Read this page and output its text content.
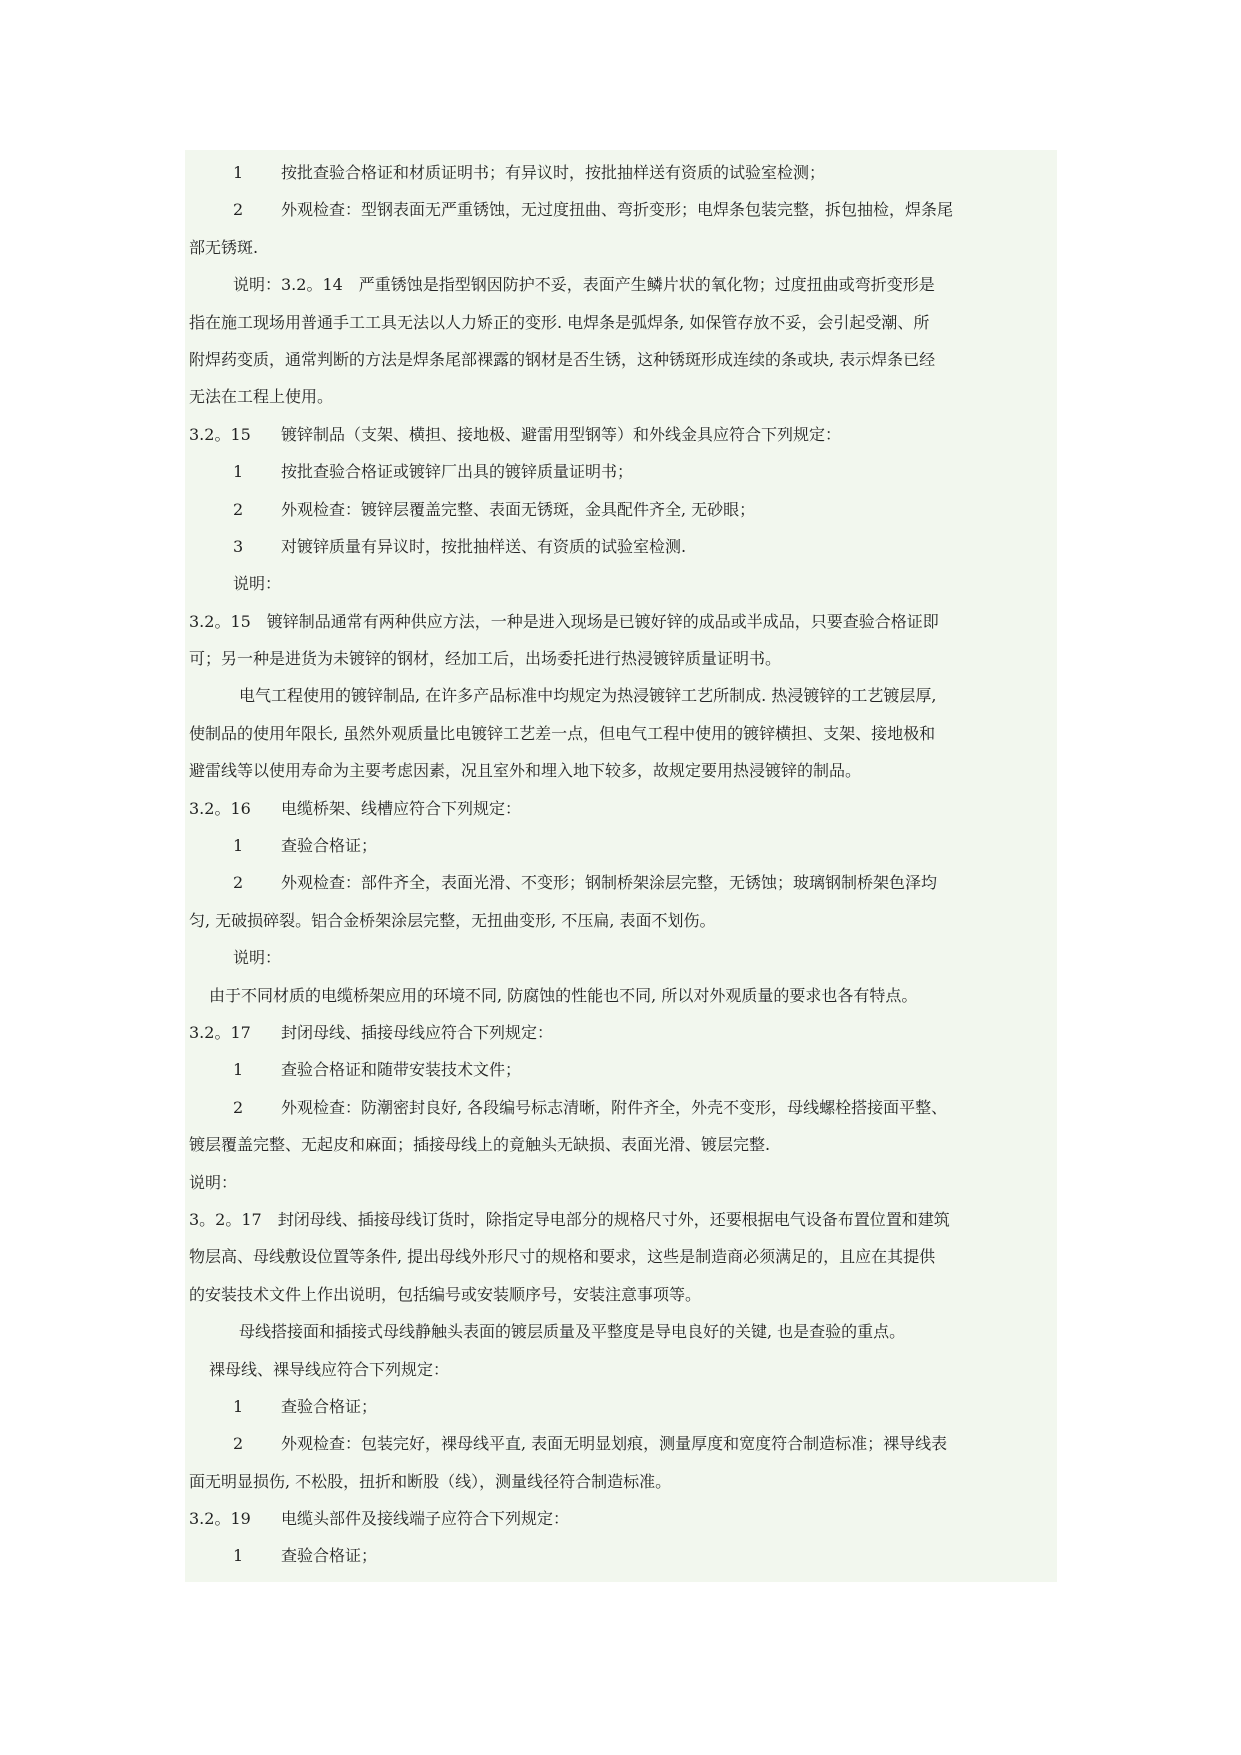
1 按批查验合格证和材质证明书；有异议时，按批抽样送有资质的试验室检测；
2 外观检查：型钢表面无严重锈蚀，无过度扭曲、弯折变形；电焊条包装完整，拆包抽检，焊条尾
部无锈斑.
说明：3.2。14　严重锈蚀是指型钢因防护不妥，表面产生鳞片状的氧化物；过度扭曲或弯折变形是
指在施工现场用普通手工工具无法以人力矫正的变形. 电焊条是弧焊条, 如保管存放不妥，会引起受潮、所
附焊药变质，通常判断的方法是焊条尾部裸露的钢材是否生锈，这种锈斑形成连续的条或块, 表示焊条已经
无法在工程上使用。
3.2。15 镀锌制品（支架、横担、接地极、避雷用型钢等）和外线金具应符合下列规定：
1 按批查验合格证或镀锌厂出具的镀锌质量证明书；
2 外观检查：镀锌层覆盖完整、表面无锈斑，金具配件齐全, 无砂眼；
3 对镀锌质量有异议时，按批抽样送、有资质的试验室检测.
说明：
3.2。15　镀锌制品通常有两种供应方法，一种是进入现场是已镀好锌的成品或半成品，只要查验合格证即
可；另一种是进货为未镀锌的钢材，经加工后，出场委托进行热浸镀锌质量证明书。
电气工程使用的镀锌制品, 在许多产品标准中均规定为热浸镀锌工艺所制成. 热浸镀锌的工艺镀层厚,
使制品的使用年限长, 虽然外观质量比电镀锌工艺差一点，但电气工程中使用的镀锌横担、支架、接地极和
避雷线等以使用寿命为主要考虑因素，况且室外和埋入地下较多，故规定要用热浸镀锌的制品。
3.2。16 电缆桥架、线槽应符合下列规定：
1 查验合格证；
2 外观检查：部件齐全，表面光滑、不变形；钢制桥架涂层完整，无锈蚀；玻璃钢制桥架色泽均
匀, 无破损碎裂。铝合金桥架涂层完整，无扭曲变形, 不压扁, 表面不划伤。
说明：
由于不同材质的电缆桥架应用的环境不同, 防腐蚀的性能也不同, 所以对外观质量的要求也各有特点。
3.2。17 封闭母线、插接母线应符合下列规定：
1 查验合格证和随带安装技术文件；
2 外观检查：防潮密封良好, 各段编号标志清晰，附件齐全，外壳不变形，母线螺栓搭接面平整、
镀层覆盖完整、无起皮和麻面；插接母线上的竟触头无缺损、表面光滑、镀层完整.
说明：
3。2。17　封闭母线、插接母线订货时，除指定导电部分的规格尺寸外，还要根据电气设备布置位置和建筑
物层高、母线敷设位置等条件, 提出母线外形尺寸的规格和要求，这些是制造商必须满足的，且应在其提供
的安装技术文件上作出说明，包括编号或安装顺序号，安装注意事项等。
母线搭接面和插接式母线静触头表面的镀层质量及平整度是导电良好的关键, 也是查验的重点。
裸母线、裸导线应符合下列规定：
1 查验合格证；
2 外观检查：包装完好，裸母线平直, 表面无明显划痕，测量厚度和宽度符合制造标准；裸导线表
面无明显损伤, 不松股，扭折和断股（线），测量线径符合制造标准。
3.2。19 电缆头部件及接线端子应符合下列规定：
1 查验合格证；
